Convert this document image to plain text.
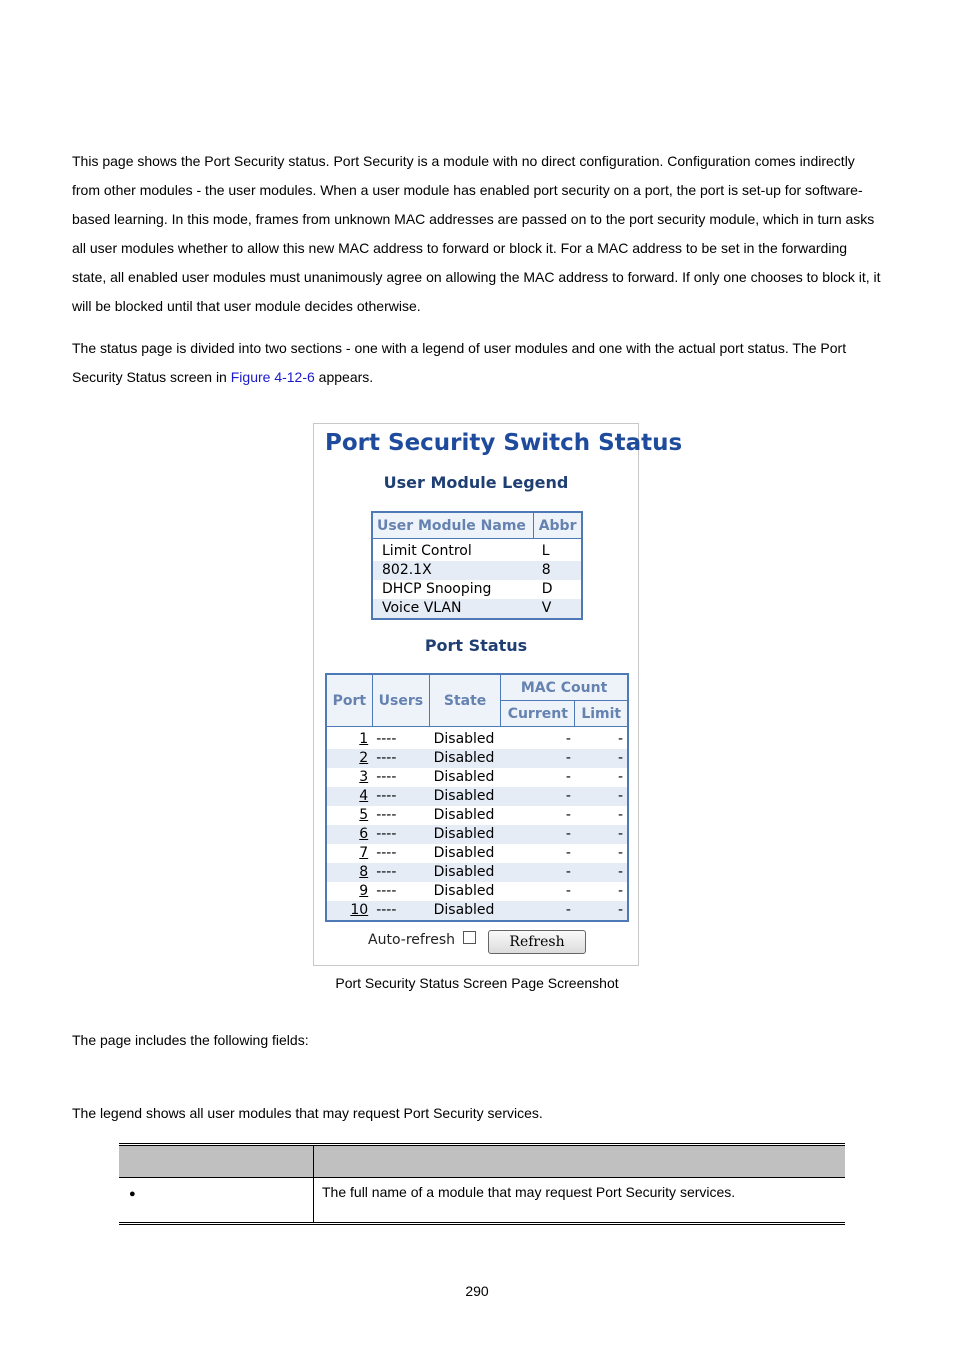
This page shows the Port Security status. Port Security is a module with no direct configuration. Configuration comes indirectly from other modules - the user modules. When a user module has enabled port security on a port, the port is set-up for software-based learning. In this mode, frames from unknown MAC addresses are passed on to the port security module, which in turn asks all user modules whether to allow this new MAC address to forward or block it. For a MAC address to be set in the forwarding state, all enabled user modules must unanimously agree on allowing the MAC address to forward. If only one chooses to block it, it will be blocked until that user module decides otherwise.

The status page is divided into two sections - one with a legend of user modules and one with the actual port status. The Port Security Status screen in Figure 4-12-6 appears.

Port Security Switch Status
User Module Legend
User Module Name	Abbr
Limit Control	L
802.1X	8
DHCP Snooping	D
Voice VLAN	V
Port Status
Port	Users	State	MAC Count	
			Current	Limit
1	----	Disabled	-	-
2	----	Disabled	-	-
3	----	Disabled	-	-
4	----	Disabled	-	-
5	----	Disabled	-	-
6	----	Disabled	-	-
7	----	Disabled	-	-
8	----	Disabled	-	-
9	----	Disabled	-	-
10	----	Disabled	-	-
Auto-refresh	Refresh
Port Security Status Screen Page Screenshot
The page includes the following fields:
The legend shows all user modules that may request Port Security services.
●	The full name of a module that may request Port Security services.
290
